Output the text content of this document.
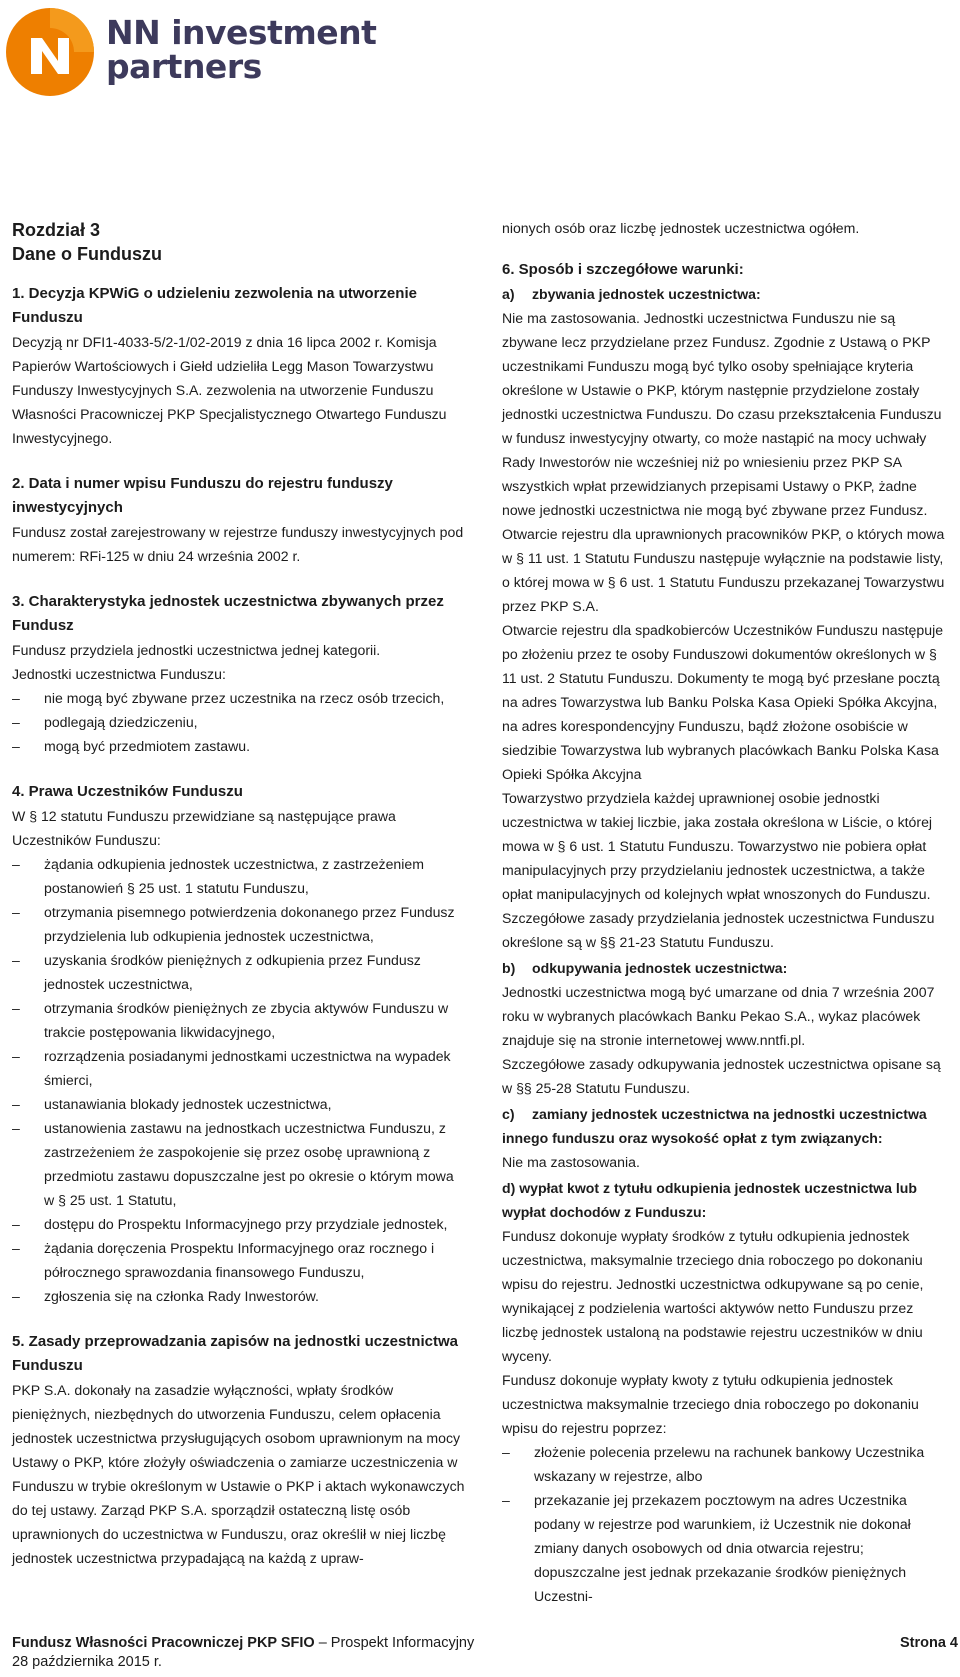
NN investment
partners
Rozdział 3
Dane o Funduszu

1. Decyzja KPWiG o udzieleniu zezwolenia na utworzenie Funduszu

Decyzją nr DFI1-4033-5/2-1/02-2019 z dnia 16 lipca 2002 r. Komisja Papierów Wartościowych i Giełd udzieliła Legg Mason Towarzystwu Funduszy Inwestycyjnych S.A. zezwolenia na utworzenie Funduszu Własności Pracowniczej PKP Specjalistycznego Otwartego Funduszu Inwestycyjnego.

2. Data i numer wpisu Funduszu do rejestru funduszy inwestycyjnych

Fundusz został zarejestrowany w rejestrze funduszy inwestycyjnych pod numerem: RFi-125 w dniu 24 września 2002 r.

3. Charakterystyka jednostek uczestnictwa zbywanych przez Fundusz

Fundusz przydziela jednostki uczestnictwa jednej kategorii.

Jednostki uczestnictwa Funduszu:

– nie mogą być zbywane przez uczestnika na rzecz osób trzecich,
– podlegają dziedziczeniu,
– mogą być przedmiotem zastawu.

4. Prawa Uczestników Funduszu

W § 12 statutu Funduszu przewidziane są następujące prawa Uczestników Funduszu:

– żądania odkupienia jednostek uczestnictwa, z zastrzeżeniem postanowień § 25 ust. 1 statutu Funduszu,
– otrzymania pisemnego potwierdzenia dokonanego przez Fundusz przydzielenia lub odkupienia jednostek uczestnictwa,
– uzyskania środków pieniężnych z odkupienia przez Fundusz jednostek uczestnictwa,
– otrzymania środków pieniężnych ze zbycia aktywów Funduszu w trakcie postępowania likwidacyjnego,
– rozrządzenia posiadanymi jednostkami uczestnictwa na wypadek śmierci,
– ustanawiania blokady jednostek uczestnictwa,
– ustanowienia zastawu na jednostkach uczestnictwa Funduszu, z zastrzeżeniem że zaspokojenie się przez osobę uprawnioną z przedmiotu zastawu dopuszczalne jest po okresie o którym mowa w § 25 ust. 1 Statutu,
– dostępu do Prospektu Informacyjnego przy przydziale jednostek,
– żądania doręczenia Prospektu Informacyjnego oraz rocznego i półrocznego sprawozdania finansowego Funduszu,
– zgłoszenia się na członka Rady Inwestorów.

5. Zasady przeprowadzania zapisów na jednostki uczestnictwa Funduszu

PKP S.A. dokonały na zasadzie wyłączności, wpłaty środków pieniężnych, niezbędnych do utworzenia Funduszu, celem opłacenia jednostek uczestnictwa przysługujących osobom uprawnionym na mocy Ustawy o PKP, które złożyły oświadczenia o zamiarze uczestniczenia w Funduszu w trybie określonym w Ustawie o PKP i aktach wykonawczych do tej ustawy. Zarząd PKP S.A. sporządził ostateczną listę osób uprawnionych do uczestnictwa w Funduszu, oraz określił w niej liczbę jednostek uczestnictwa przypadającą na każdą z upraw-

nionych osób oraz liczbę jednostek uczestnictwa ogółem.

6. Sposób i szczegółowe warunki:

a) zbywania jednostek uczestnictwa:

Nie ma zastosowania. Jednostki uczestnictwa Funduszu nie są zbywane lecz przydzielane przez Fundusz. Zgodnie z Ustawą o PKP uczestnikami Funduszu mogą być tylko osoby spełniające kryteria określone w Ustawie o PKP, którym następnie przydzielone zostały jednostki uczestnictwa Funduszu. Do czasu przekształcenia Funduszu w fundusz inwestycyjny otwarty, co może nastąpić na mocy uchwały Rady Inwestorów nie wcześniej niż po wniesieniu przez PKP SA wszystkich wpłat przewidzianych przepisami Ustawy o PKP, żadne nowe jednostki uczestnictwa nie mogą być zbywane przez Fundusz.

Otwarcie rejestru dla uprawnionych pracowników PKP, o których mowa w § 11 ust. 1 Statutu Funduszu następuje wyłącznie na podstawie listy, o której mowa w § 6 ust. 1 Statutu Funduszu przekazanej Towarzystwu przez PKP S.A.

Otwarcie rejestru dla spadkobierców Uczestników Funduszu następuje po złożeniu przez te osoby Funduszowi dokumentów określonych w § 11 ust. 2 Statutu Funduszu. Dokumenty te mogą być przesłane pocztą na adres Towarzystwa lub Banku Polska Kasa Opieki Spółka Akcyjna, na adres korespondencyjny Funduszu, bądź złożone osobiście w siedzibie Towarzystwa lub wybranych placówkach Banku Polska Kasa Opieki Spółka Akcyjna

Towarzystwo przydziela każdej uprawnionej osobie jednostki uczestnictwa w takiej liczbie, jaka została określona w Liście, o której mowa w § 6 ust. 1 Statutu Funduszu. Towarzystwo nie pobiera opłat manipulacyjnych przy przydzielaniu jednostek uczestnictwa, a także opłat manipulacyjnych od kolejnych wpłat wnoszonych do Funduszu. Szczegółowe zasady przydzielania jednostek uczestnictwa Funduszu określone są w §§ 21-23 Statutu Funduszu.

b) odkupywania jednostek uczestnictwa:

Jednostki uczestnictwa mogą być umarzane od dnia 7 września 2007 roku w wybranych placówkach Banku Pekao S.A., wykaz placówek znajduje się na stronie internetowej www.nntfi.pl.

Szczegółowe zasady odkupywania jednostek uczestnictwa opisane są w §§ 25-28 Statutu Funduszu.

c) zamiany jednostek uczestnictwa na jednostki uczestnictwa innego funduszu oraz wysokość opłat z tym związanych:

Nie ma zastosowania.

d) wypłat kwot z tytułu odkupienia jednostek uczestnictwa lub wypłat dochodów z Funduszu:

Fundusz dokonuje wypłaty środków z tytułu odkupienia jednostek uczestnictwa, maksymalnie trzeciego dnia roboczego po dokonaniu wpisu do rejestru. Jednostki uczestnictwa odkupywane są po cenie, wynikającej z podzielenia wartości aktywów netto Funduszu przez liczbę jednostek ustaloną na podstawie rejestru uczestników w dniu wyceny.

Fundusz dokonuje wypłaty kwoty z tytułu odkupienia jednostek uczestnictwa maksymalnie trzeciego dnia roboczego po dokonaniu wpisu do rejestru poprzez:

– złożenie polecenia przelewu na rachunek bankowy Uczestnika wskazany w rejestrze, albo
– przekazanie jej przekazem pocztowym na adres Uczestnika podany w rejestrze pod warunkiem, iż Uczestnik nie dokonał zmiany danych osobowych od dnia otwarcia rejestru; dopuszczalne jest jednak przekazanie środków pieniężnych Uczestni-
Fundusz Własności Pracowniczej PKP SFIO – Prospekt Informacyjny
28 października 2015 r.
Strona 4
